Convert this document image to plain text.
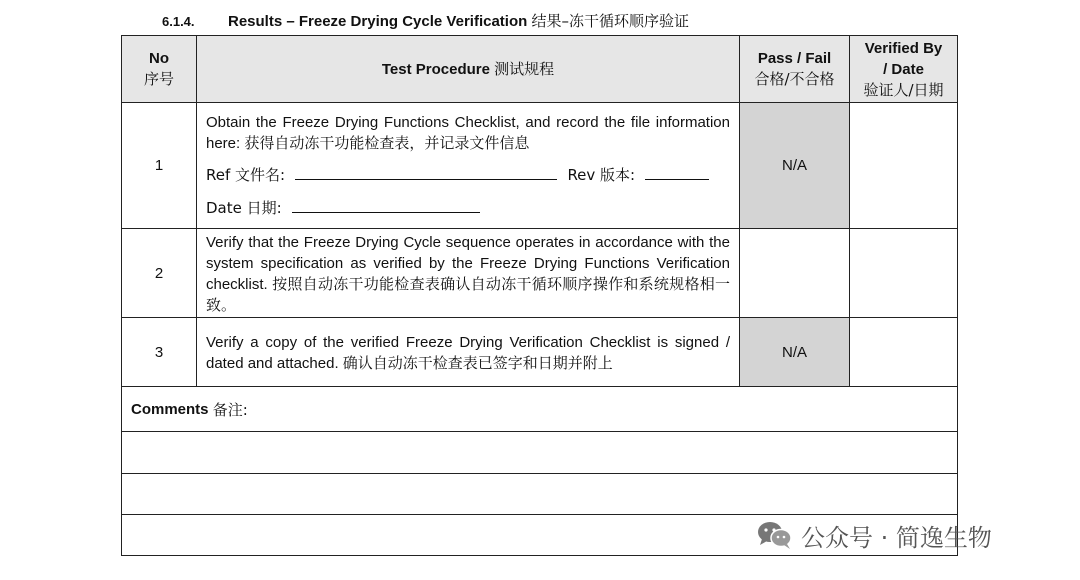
6.1.4. Results – Freeze Drying Cycle Verification 结果–冻干循环顺序验证
No
序号
Test Procedure
测试规程
Pass / Fail
合格/不合格
Verified By / Date
验证人/日期
1
Obtain the Freeze Drying Functions Checklist, and record the file information here: 获得自动冻干功能检查表，并记录文件信息
Ref 文件名:	Rev 版本:
Date 日期:
N/A
2
Verify that the Freeze Drying Cycle sequence operates in accordance with the system specification as verified by the Freeze Drying Functions Verification checklist. 按照自动冻干功能检查表确认自动冻干循环顺序操作和系统规格相一致。
3
Verify a copy of the verified Freeze Drying Verification Checklist is signed / dated and attached. 确认自动冻干检查表已签字和日期并附上
N/A
Comments
备注:
公众号 · 简逸生物
